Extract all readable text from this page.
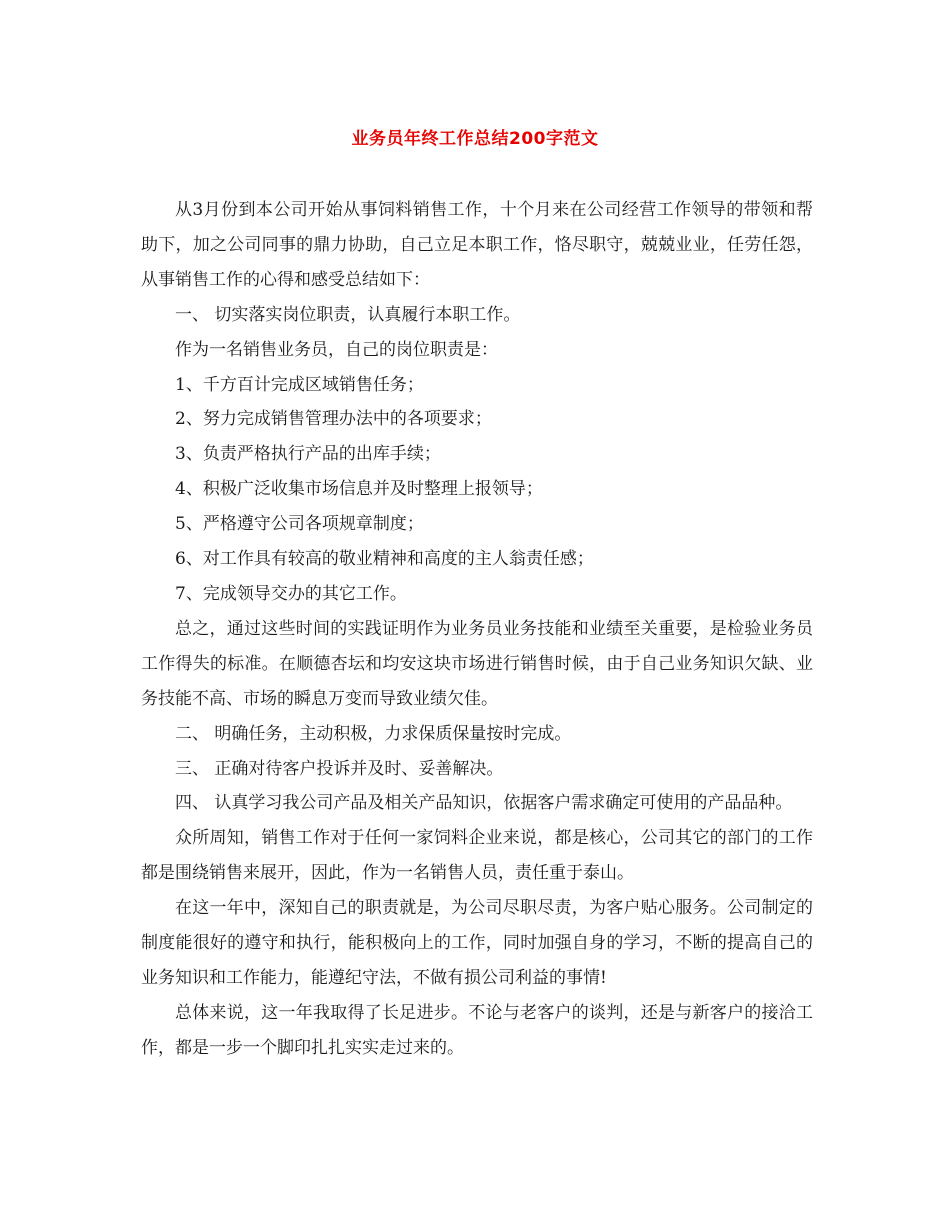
业务员年终工作总结200字范文

从3月份到本公司开始从事饲料销售工作，十个月来在公司经营工作领导的带领和帮助下，加之公司同事的鼎力协助，自己立足本职工作，恪尽职守，兢兢业业，任劳任怨，从事销售工作的心得和感受总结如下：

一、 切实落实岗位职责，认真履行本职工作。

作为一名销售业务员，自己的岗位职责是：

1、千方百计完成区域销售任务；

2、努力完成销售管理办法中的各项要求；

3、负责严格执行产品的出库手续；

4、积极广泛收集市场信息并及时整理上报领导；

5、严格遵守公司各项规章制度；

6、对工作具有较高的敬业精神和高度的主人翁责任感；

7、完成领导交办的其它工作。

总之，通过这些时间的实践证明作为业务员业务技能和业绩至关重要，是检验业务员工作得失的标准。在顺德杏坛和均安这块市场进行销售时候，由于自己业务知识欠缺、业务技能不高、市场的瞬息万变而导致业绩欠佳。

二、 明确任务，主动积极，力求保质保量按时完成。

三、 正确对待客户投诉并及时、妥善解决。

四、 认真学习我公司产品及相关产品知识，依据客户需求确定可使用的产品品种。

众所周知，销售工作对于任何一家饲料企业来说，都是核心，公司其它的部门的工作都是围绕销售来展开，因此，作为一名销售人员，责任重于泰山。

在这一年中，深知自己的职责就是，为公司尽职尽责，为客户贴心服务。公司制定的制度能很好的遵守和执行，能积极向上的工作，同时加强自身的学习，不断的提高自己的业务知识和工作能力，能遵纪守法，不做有损公司利益的事情!

总体来说，这一年我取得了长足进步。不论与老客户的谈判，还是与新客户的接洽工作，都是一步一个脚印扎扎实实走过来的。
